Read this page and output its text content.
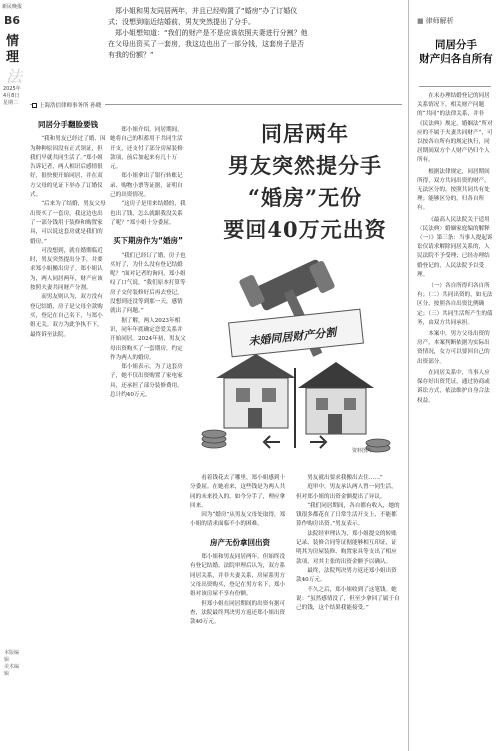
新民晚报
B6
情
理
法
2025年
4月8日
星期二
本版编辑
美术编辑

郑小姐和男友同居两年，并且已经购置了“婚房”办了订婚仪式；没想到临近结婚前，男友突然提出了分手。

郑小姐想知道：“我们的财产是不是应该依照夫妻进行分割？他在父母出资买了一套房，我这边也出了一部分钱，这套房子是否有我的份额？”

上海浩信律师事务所 孙晓
同居分手翻脸要钱

“我和男友已经过了婚，因为种种原因没有正式领证，但我们早就共同生活了。”郑小姐告诉记者，两人相识后感情很好，很快便开始同居，并在双方父母的见证下举办了订婚仪式。

“后来为了结婚，男友父母出资买了一套房，我这边也出了一部分钱用于装修和购置家具，可以说这套房就是我们的婚房。”

可没想到，就在婚期临近时，男友突然提出分手，并要求郑小姐搬出房子。郑小姐认为，两人同居两年，财产应该按照夫妻共同财产分割。

而男友则认为，双方没有登记结婚，房子是父母全款购买，登记在自己名下，与郑小姐无关。双方为此争执不下，最终诉至法院。

郑小姐介绍，同居期间，她将自己的积蓄用于共同生活开支，还支付了部分房屋装修款项，前后加起来有几十万元。

郑小姐拿出了银行转账记录、购物小票等证据，证明自己的出资情况。

“这房子是用来结婚的，我也出了钱，怎么就跟我没关系了呢？”郑小姐十分委屈。

买下期房作为“婚房”

“我们已经订了婚，房子也买好了，为什么没有登记结婚呢？”面对记者的询问，郑小姐叹了口气说，“我们原本打算等房子交付装修好后再去登记，没想到还没等到那一天，感情就出了问题。”

据了解，两人2023年相识，同年年底确定恋爱关系并开始同居。2024年初，男友父母出资购买了一套期房，约定作为两人的婚房。

郑小姐表示，为了这套房子，她不仅出资购置了家电家具，还承担了部分装修费用，总计约40万元。

同居两年
男友突然提分手
“婚房”无份
要回40万元出资
未婚同居财产分割
资料图片

看着钱花去了哪里，郑小姐感到十分委屈。在她看来，这些钱是为两人共同的未来投入的，如今分手了，理应拿回来。

因为“婚房”从男友父母处取得，郑小姐的请求面临不小的困难。

房产无份拿回出资

郑小姐和男友同居两年，但始终没有登记结婚。法院审理后认为，双方系同居关系，并非夫妻关系，房屋系男方父母出资购买，登记在男方名下，郑小姐对该房屋不享有份额。

但郑小姐在同居期间的出资有据可查，法院最终判决男方返还郑小姐出资款40万元。

男友就出要求我搬出去住……”

庭审中，男友承认两人曾一同生活，但对郑小姐的出资金额提出了异议。

“我们同居期间，各自都有收入，她的钱很多都花在了日常生活开支上，不能都算作购房出资。”男友表示。

法院经审理认为，郑小姐提交的转账记录、装修合同等证据能够相互印证，证明其为房屋装修、购置家具等支出了相应款项，对其主张的出资金额予以确认。

最终，法院判决男方返还郑小姐出资款40万元。

不久之后，郑小姐收到了这笔钱。她说：“虽然感情没了，但至少拿回了属于自己的钱，这个结果我能接受。”

■ 律师解析
同居分手
财产归各自所有

在未办理结婚登记的同居关系情况下，相关财产问题的“共同”的法律关系，并非《民法典》规定，婚姻法“所对应的不属于夫妻共同财产”，可以按各自所有的规定执行，同居期间双方个人财产仍归个人所有。

根据法律规定，同居期间所得，双方共同出资的财产，无法区分的，按照共同共有处理；能够区分的，归各自所有。

《最高人民法院关于适用〈民法典〉婚姻家庭编的解释（一）》第三条：当事人提起诉讼仅请求解除同居关系的，人民法院不予受理；已经办理结婚登记的，人民法院予以受理。

（一）各自所得归各自所有；（二）共同出资的，如无法区分，按照各自出资比例确定；（三）共同生活所产生的债务，由双方共同承担。

本案中，男方父母出资的房产，本案判断依据为实际出资情况，女方可以要回自己的出资部分。

在同居关系中，当事人应保存好出资凭证，通过协商或诉讼方式，依法维护自身合法权益。
